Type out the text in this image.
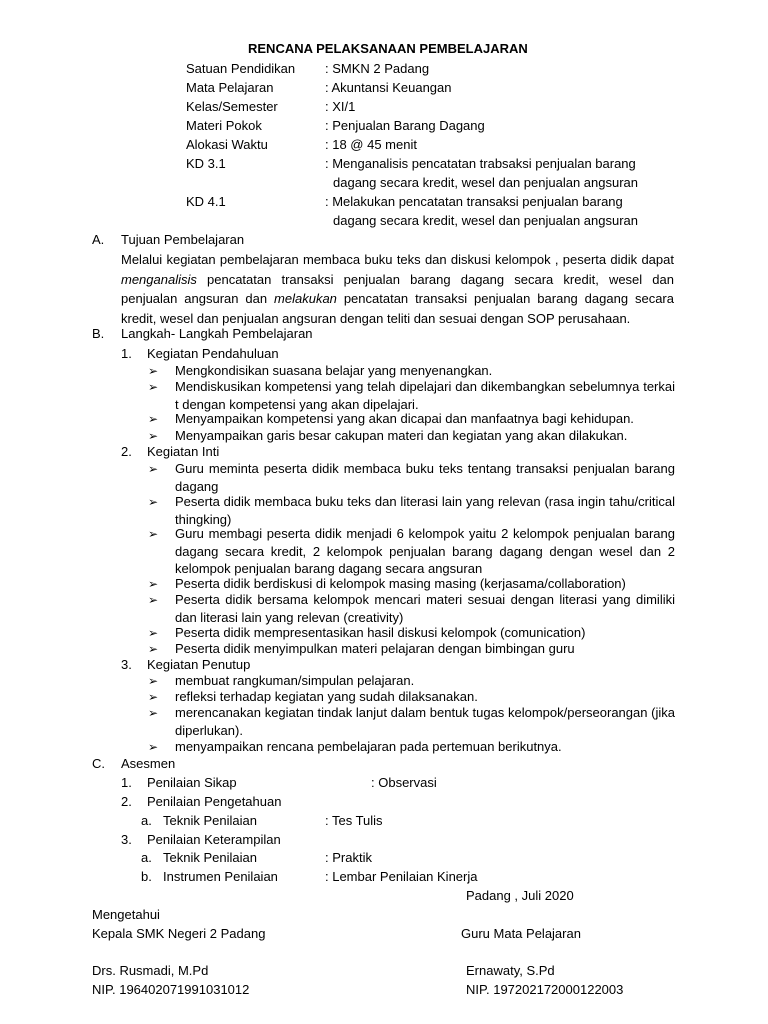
RENCANA PELAKSANAAN PEMBELAJARAN
Satuan Pendidikan : SMKN 2 Padang
Mata Pelajaran	: Akuntansi Keuangan
Kelas/Semester	: XI/1
Materi Pokok	: Penjualan Barang Dagang
Alokasi Waktu	: 18 @ 45 menit
KD 3.1	: Menganalisis pencatatan trabsaksi penjualan barang
dagang secara kredit, wesel dan penjualan angsuran
KD 4.1	: Melakukan pencatatan transaksi penjualan barang
dagang secara kredit, wesel dan penjualan angsuran
A. Tujuan Pembelajaran
Melalui kegiatan pembelajaran membaca buku teks dan diskusi kelompok , peserta didik dapat
menganalisis pencatatan transaksi penjualan barang dagang secara kredit, wesel dan
penjualan angsuran dan melakukan pencatatan transaksi penjualan barang dagang secara
kredit, wesel dan penjualan angsuran dengan teliti dan sesuai dengan SOP perusahaan.
B. Langkah- Langkah Pembelajaran
1. Kegiatan Pendahuluan
➢ Mengkondisikan suasana belajar yang menyenangkan.
➢ Mendiskusikan kompetensi yang telah dipelajari dan dikembangkan sebelumnya terkai t dengan kompetensi yang akan dipelajari.
➢ Menyampaikan kompetensi yang akan dicapai dan manfaatnya bagi kehidupan.
➢ Menyampaikan garis besar cakupan materi dan kegiatan yang akan dilakukan.
2. Kegiatan Inti
➢ Guru meminta peserta didik membaca buku teks tentang transaksi penjualan barang dagang
➢ Peserta didik membaca buku teks dan literasi lain yang relevan (rasa ingin tahu/critical thingking)
➢ Guru membagi peserta didik menjadi 6 kelompok yaitu 2 kelompok penjualan barang dagang secara kredit, 2 kelompok penjualan barang dagang dengan wesel dan 2 kelompok penjualan barang dagang secara angsuran
➢ Peserta didik berdiskusi di kelompok masing masing (kerjasama/collaboration)
➢ Peserta didik bersama kelompok mencari materi sesuai dengan literasi yang dimiliki dan literasi lain yang relevan (creativity)
➢ Peserta didik mempresentasikan hasil diskusi kelompok (comunication)
➢ Peserta didik menyimpulkan materi pelajaran dengan bimbingan guru
3. Kegiatan Penutup
➢ membuat rangkuman/simpulan pelajaran.
➢ refleksi terhadap kegiatan yang sudah dilaksanakan.
➢ merencanakan kegiatan tindak lanjut dalam bentuk tugas kelompok/perseorangan (jika diperlukan).
➢ menyampaikan rencana pembelajaran pada pertemuan berikutnya.
C. Asesmen
1. Penilaian Sikap	: Observasi
2. Penilaian Pengetahuan
a. Teknik Penilaian	: Tes Tulis
3. Penilaian Keterampilan
a. Teknik Penilaian	: Praktik
b. Instrumen Penilaian	: Lembar Penilaian Kinerja
Padang , Juli 2020
Mengetahui
Kepala SMK Negeri 2 Padang	Guru Mata Pelajaran
Drs. Rusmadi, M.Pd
NIP. 196402071991031012
Ernawaty, S.Pd
NIP. 197202172000122003
